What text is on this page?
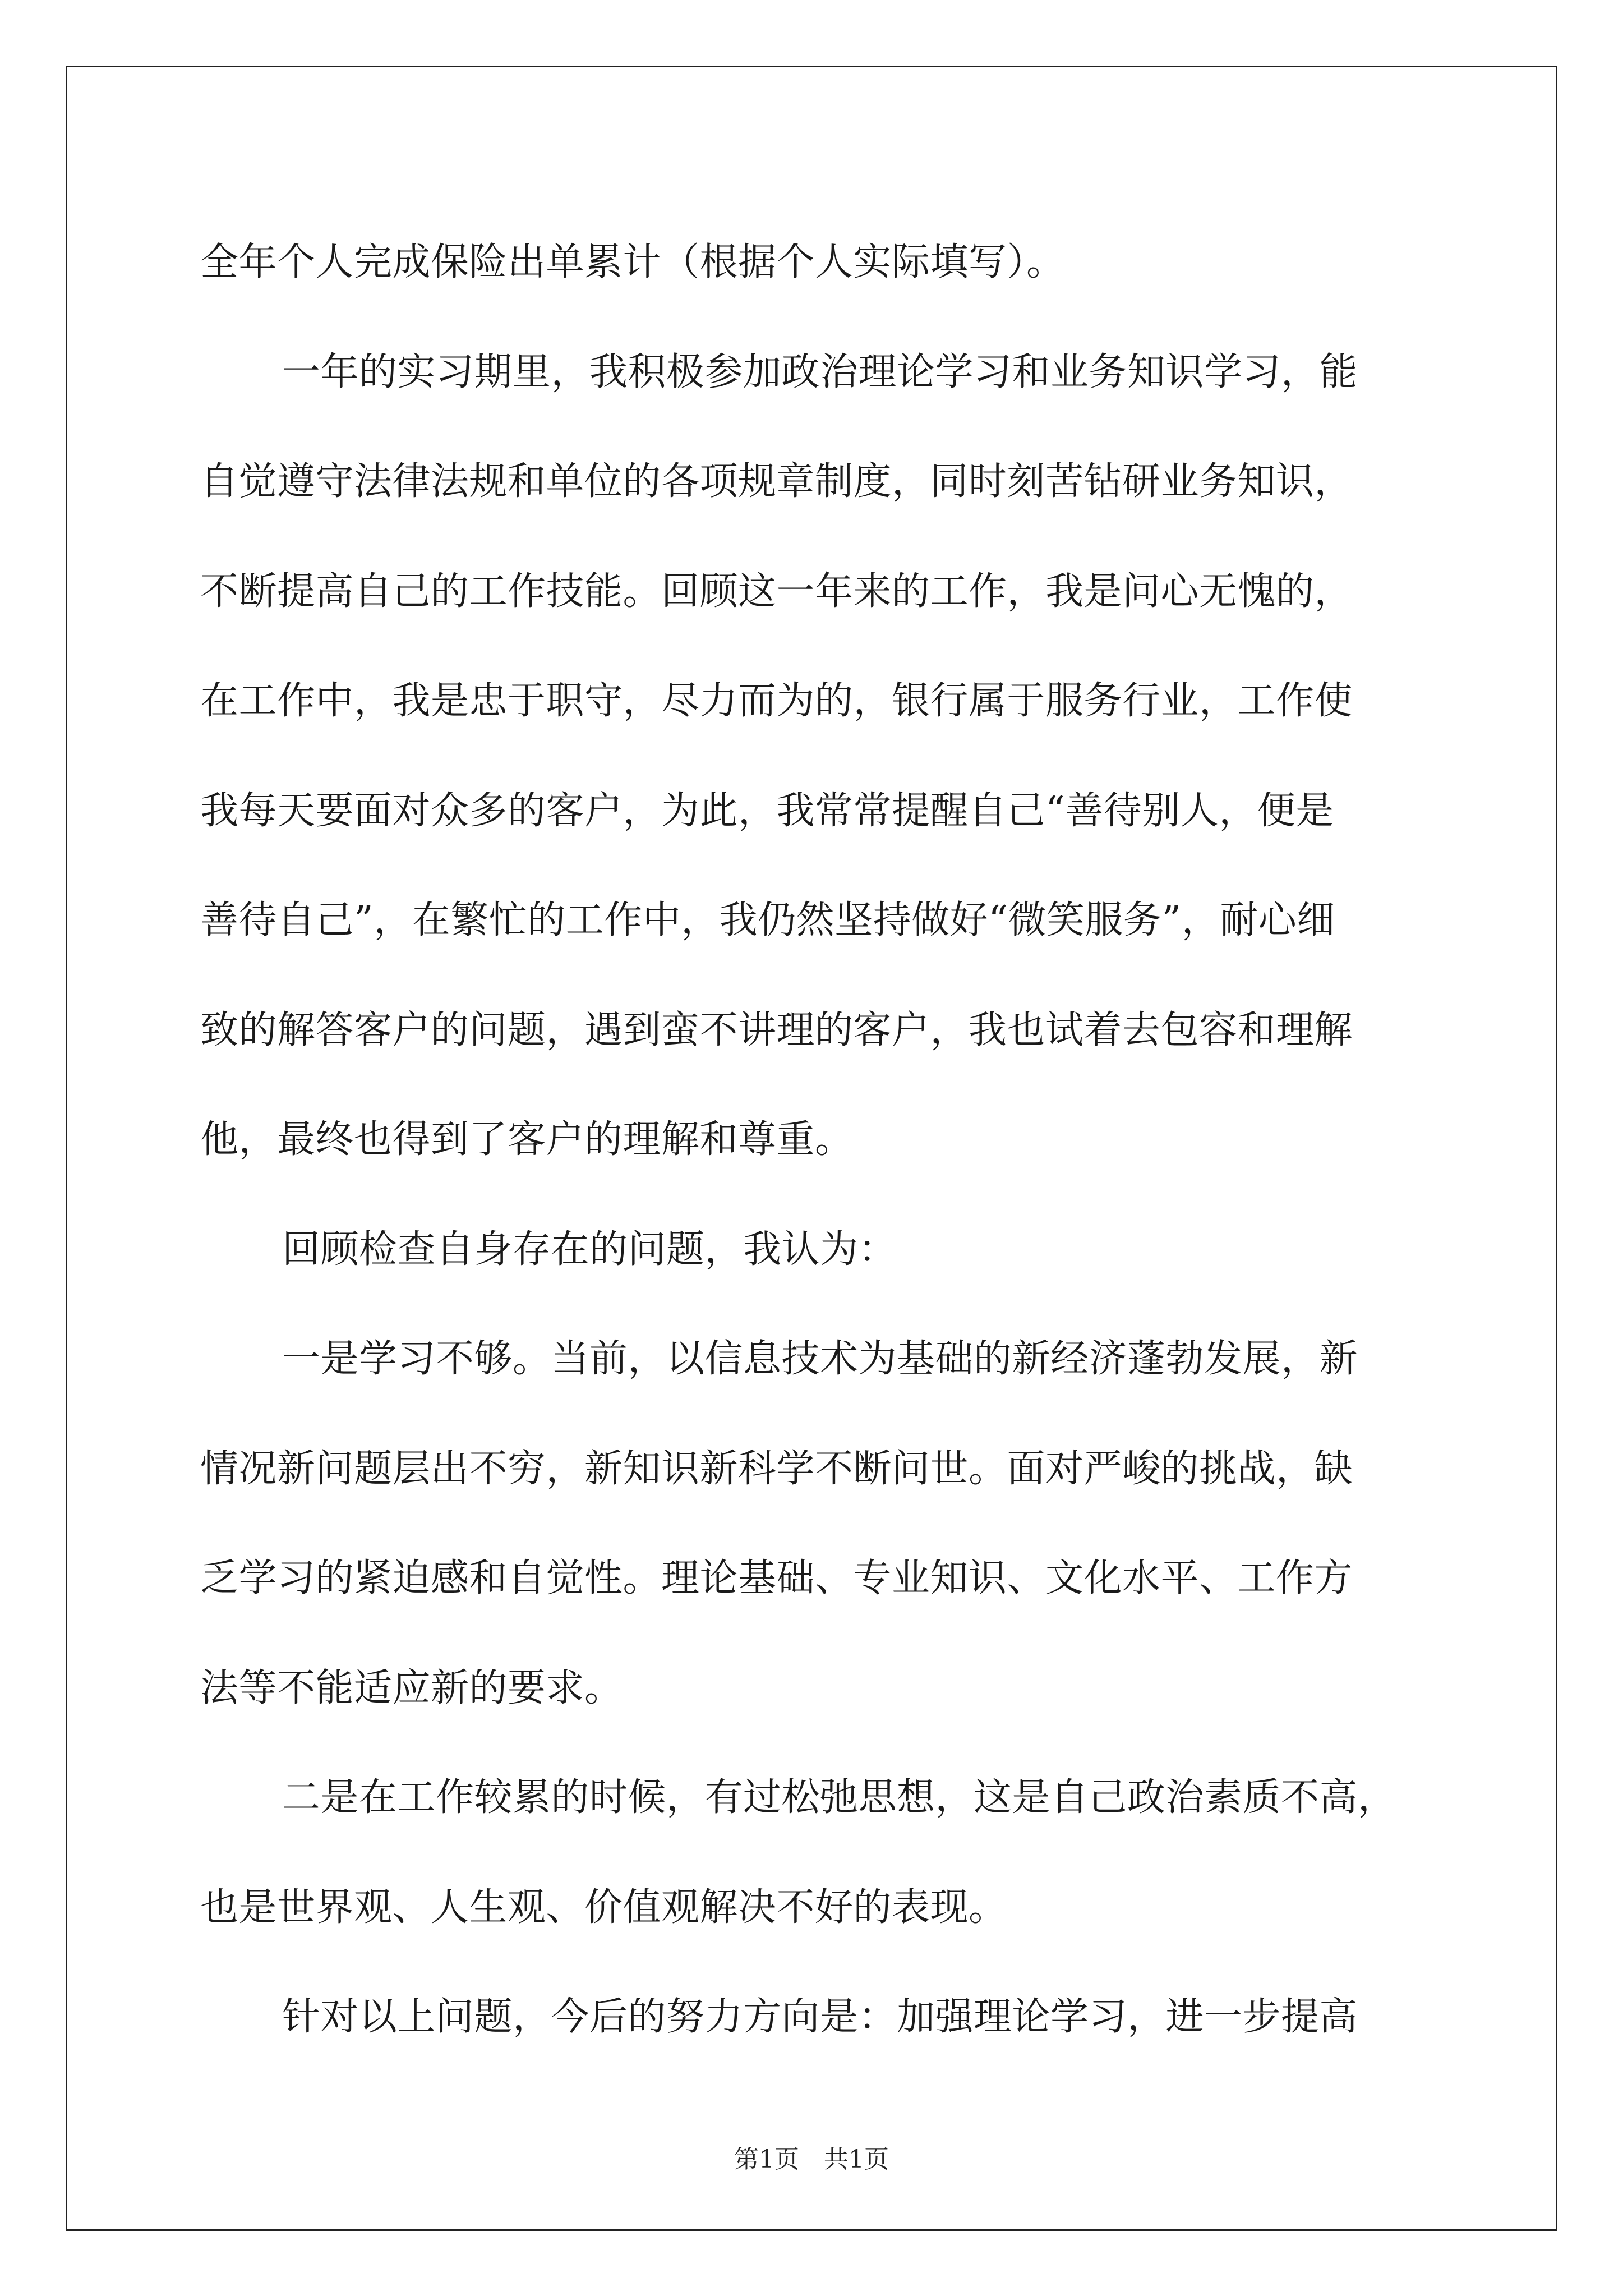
全年个人完成保险出单累计（根据个人实际填写）。
一年的实习期里，我积极参加政治理论学习和业务知识学习，能
自觉遵守法律法规和单位的各项规章制度，同时刻苦钻研业务知识，
不断提高自己的工作技能。回顾这一年来的工作，我是问心无愧的，
在工作中，我是忠于职守，尽力而为的，银行属于服务行业，工作使
我每天要面对众多的客户，为此，我常常提醒自己“善待别人，便是
善待自己”，在繁忙的工作中，我仍然坚持做好“微笑服务”，耐心细
致的解答客户的问题，遇到蛮不讲理的客户，我也试着去包容和理解
他，最终也得到了客户的理解和尊重。
回顾检查自身存在的问题，我认为：
一是学习不够。当前，以信息技术为基础的新经济蓬勃发展，新
情况新问题层出不穷，新知识新科学不断问世。面对严峻的挑战，缺
乏学习的紧迫感和自觉性。理论基础、专业知识、文化水平、工作方
法等不能适应新的要求。
二是在工作较累的时候，有过松弛思想，这是自己政治素质不高，
也是世界观、人生观、价值观解决不好的表现。
针对以上问题，今后的努力方向是：加强理论学习，进一步提高
第1页　共1页
